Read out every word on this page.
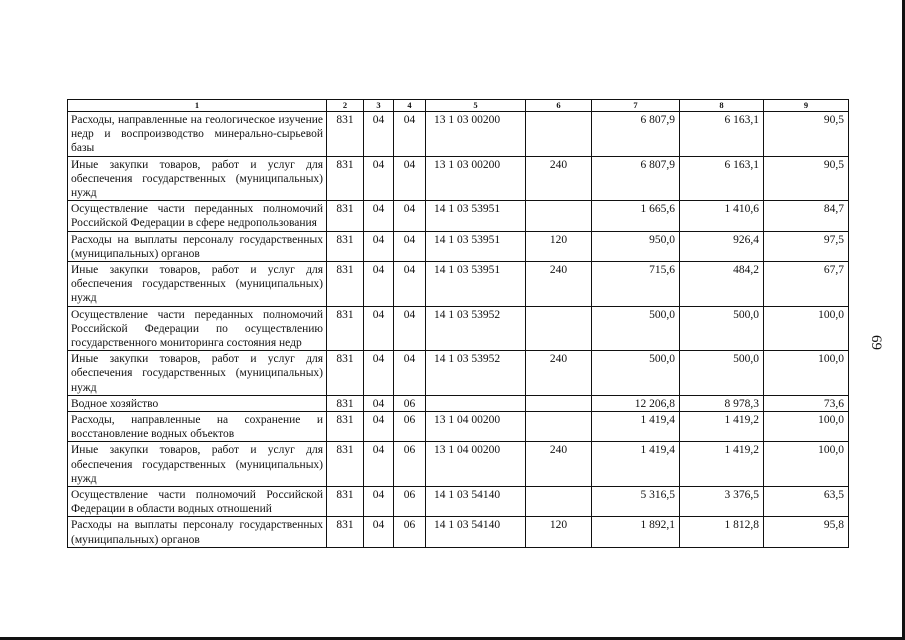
1	2	3	4	5	6	7	8	9
Расходы, направленные на геологическое изучение недр и воспроизводство минерально-сырьевой базы	831	04	04	13 1 03 00200		6 807,9	6 163,1	90,5
Иные закупки товаров, работ и услуг для обеспечения государственных (муниципальных) нужд	831	04	04	13 1 03 00200	240	6 807,9	6 163,1	90,5
Осуществление части переданных полномочий Российской Федерации в сфере недропользования	831	04	04	14 1 03 53951		1 665,6	1 410,6	84,7
Расходы на выплаты персоналу государственных (муниципальных) органов	831	04	04	14 1 03 53951	120	950,0	926,4	97,5
Иные закупки товаров, работ и услуг для обеспечения государственных (муниципальных) нужд	831	04	04	14 1 03 53951	240	715,6	484,2	67,7
Осуществление части переданных полномочий Российской Федерации по осуществлению государственного мониторинга состояния недр	831	04	04	14 1 03 53952		500,0	500,0	100,0
Иные закупки товаров, работ и услуг для обеспечения государственных (муниципальных) нужд	831	04	04	14 1 03 53952	240	500,0	500,0	100,0
Водное хозяйство	831	04	06			12 206,8	8 978,3	73,6
Расходы, направленные на сохранение и восстановление водных объектов	831	04	06	13 1 04 00200		1 419,4	1 419,2	100,0
Иные закупки товаров, работ и услуг для обеспечения государственных (муниципальных) нужд	831	04	06	13 1 04 00200	240	1 419,4	1 419,2	100,0
Осуществление части полномочий Российской Федерации в области водных отношений	831	04	06	14 1 03 54140		5 316,5	3 376,5	63,5
Расходы на выплаты персоналу государственных (муниципальных) органов	831	04	06	14 1 03 54140	120	1 892,1	1 812,8	95,8
69
